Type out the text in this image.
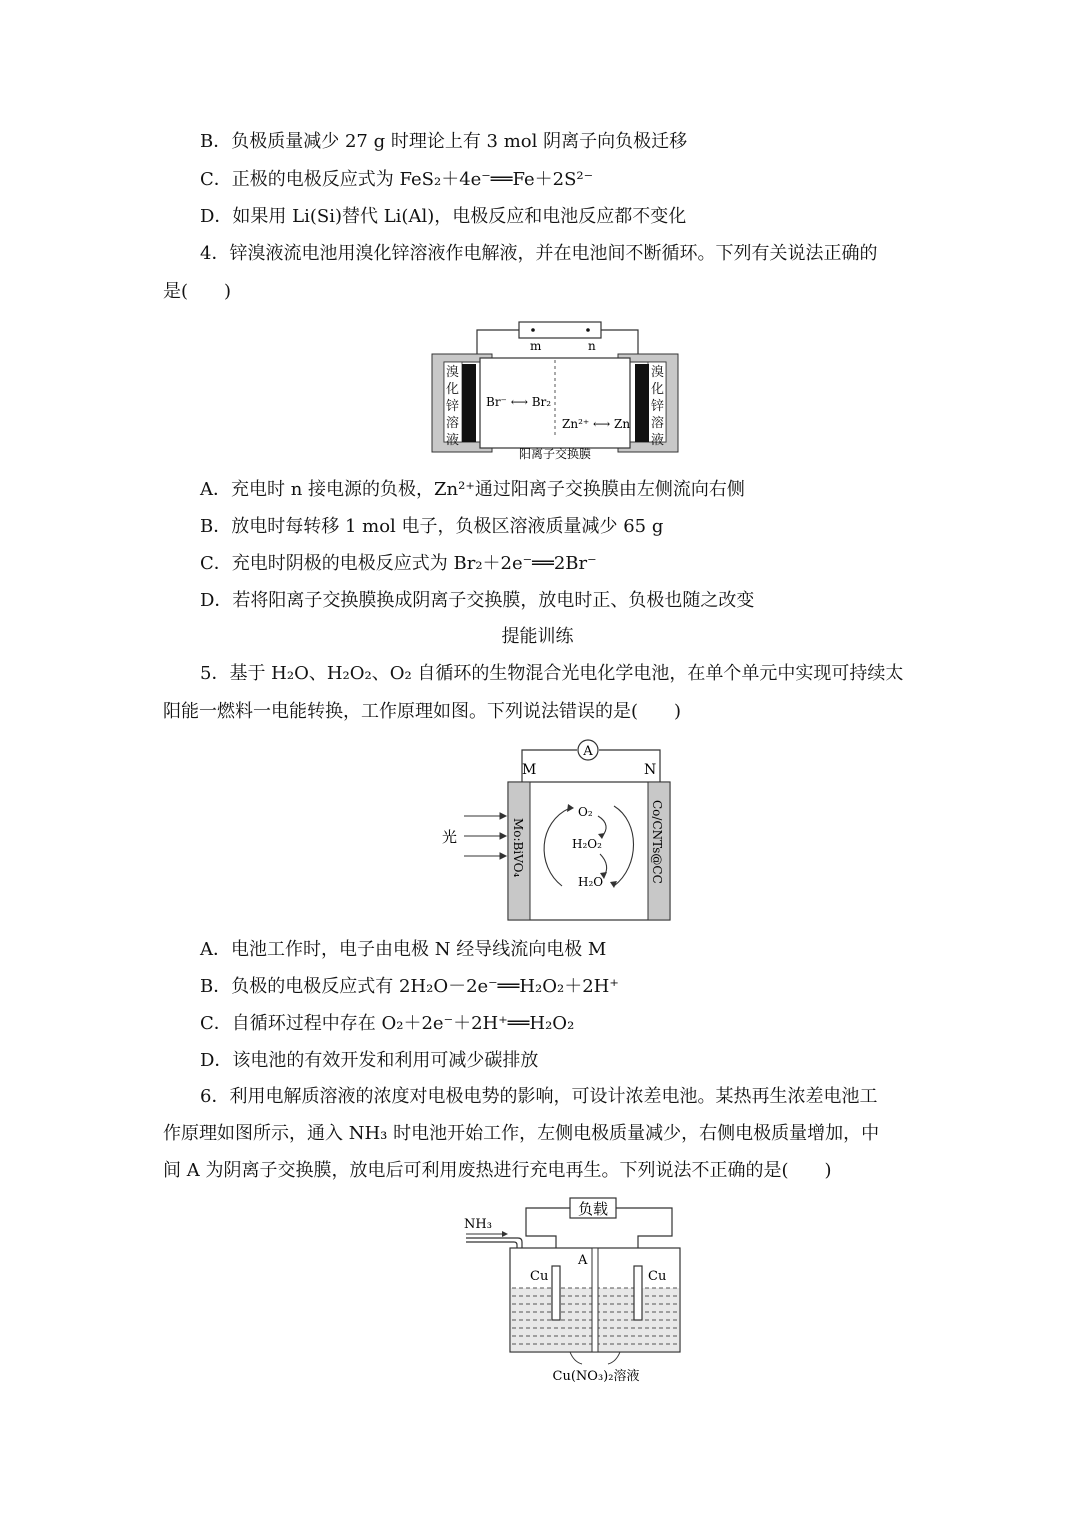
B．负极质量减少 27 g 时理论上有 3 mol 阴离子向负极迁移
C．正极的电极反应式为 FeS₂＋4e⁻══Fe＋2S²⁻
D．如果用 Li(Si)替代 Li(Al)，电极反应和电池反应都不变化
4．锌溴液流电池用溴化锌溶液作电解液，并在电池间不断循环。下列有关说法正确的
是(　　)
m	n
溴
化
锌
溶
液
溴
化
锌
溶
液
Br⁻ ⟷ Br₂
Zn²⁺ ⟷ Zn
阳离子交换膜
A．充电时 n 接电源的负极，Zn²⁺通过阳离子交换膜由左侧流向右侧
B．放电时每转移 1 mol 电子，负极区溶液质量减少 65 g
C．充电时阴极的电极反应式为 Br₂＋2e⁻══2Br⁻
D．若将阳离子交换膜换成阴离子交换膜，放电时正、负极也随之改变
提能训练
5．基于 H₂O、H₂O₂、O₂ 自循环的生物混合光电化学电池，在单个单元中实现可持续太
阳能一燃料一电能转换，工作原理如图。下列说法错误的是(　　)
A
M	N
Mo:BiVO₄	Co/CNTs@CC
光
O₂
H₂O₂
H₂O
A．电池工作时，电子由电极 N 经导线流向电极 M
B．负极的电极反应式有 2H₂O－2e⁻══H₂O₂＋2H⁺
C．自循环过程中存在 O₂＋2e⁻＋2H⁺══H₂O₂
D．该电池的有效开发和利用可减少碳排放
6．利用电解质溶液的浓度对电极电势的影响，可设计浓差电池。某热再生浓差电池工
作原理如图所示，通入 NH₃ 时电池开始工作，左侧电极质量减少，右侧电极质量增加，中
间 A 为阴离子交换膜，放电后可利用废热进行充电再生。下列说法不正确的是(　　)
负载
NH₃
A
Cu	Cu
Cu(NO₃)₂溶液
